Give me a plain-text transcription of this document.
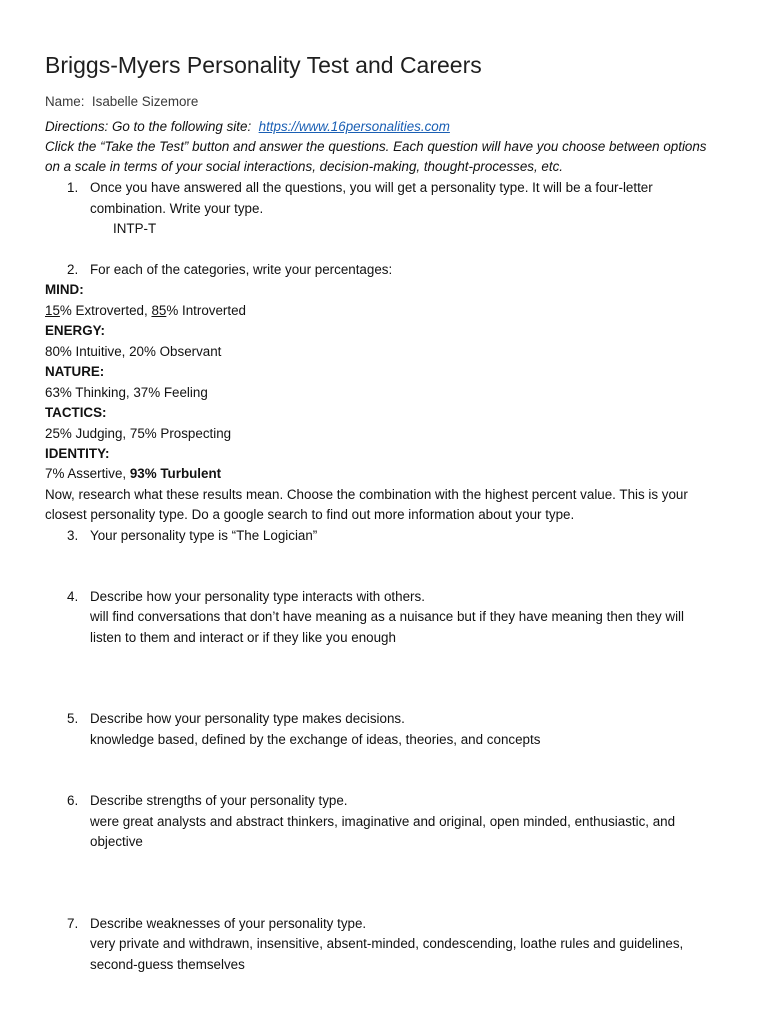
Briggs-Myers Personality Test and Careers
Name: Isabelle Sizemore
Directions: Go to the following site: https://www.16personalities.com
Click the “Take the Test” button and answer the questions. Each question will have you choose between options
on a scale in terms of your social interactions, decision-making, thought-processes, etc.
1. Once you have answered all the questions, you will get a personality type. It will be a four-letter
combination. Write your type.
INTP-T
2. For each of the categories, write your percentages:
MIND:
15% Extroverted, 85% Introverted
ENERGY:
80% Intuitive, 20% Observant
NATURE:
63% Thinking, 37% Feeling
TACTICS:
25% Judging, 75% Prospecting
IDENTITY:
7% Assertive, 93% Turbulent
Now, research what these results mean. Choose the combination with the highest percent value. This is your
closest personality type. Do a google search to find out more information about your type.
3. Your personality type is “The Logician”
4. Describe how your personality type interacts with others.
will find conversations that don’t have meaning as a nuisance but if they have meaning then they will
listen to them and interact or if they like you enough
5. Describe how your personality type makes decisions.
knowledge based, defined by the exchange of ideas, theories, and concepts
6. Describe strengths of your personality type.
were great analysts and abstract thinkers, imaginative and original, open minded, enthusiastic, and
objective
7. Describe weaknesses of your personality type.
very private and withdrawn, insensitive, absent-minded, condescending, loathe rules and guidelines,
second-guess themselves
